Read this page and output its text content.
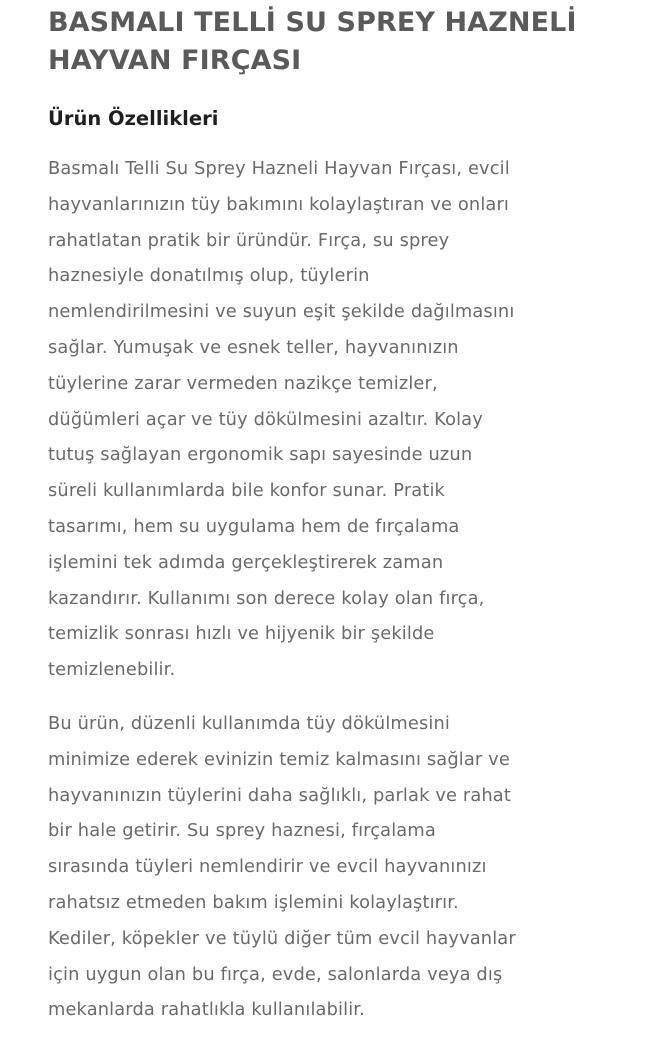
BASMALI TELLİ SU SPREY HAZNELİ
HAYVAN FIRÇASI
Ürün Özellikleri

Basmalı Telli Su Sprey Hazneli Hayvan Fırçası, evcil
hayvanlarınızın tüy bakımını kolaylaştıran ve onları
rahatlatan pratik bir üründür. Fırça, su sprey
haznesiyle donatılmış olup, tüylerin
nemlendirilmesini ve suyun eşit şekilde dağılmasını
sağlar. Yumuşak ve esnek teller, hayvanınızın
tüylerine zarar vermeden nazikçe temizler,
düğümleri açar ve tüy dökülmesini azaltır. Kolay
tutuş sağlayan ergonomik sapı sayesinde uzun
süreli kullanımlarda bile konfor sunar. Pratik
tasarımı, hem su uygulama hem de fırçalama
işlemini tek adımda gerçekleştirerek zaman
kazandırır. Kullanımı son derece kolay olan fırça,
temizlik sonrası hızlı ve hijyenik bir şekilde
temizlenebilir.

Bu ürün, düzenli kullanımda tüy dökülmesini
minimize ederek evinizin temiz kalmasını sağlar ve
hayvanınızın tüylerini daha sağlıklı, parlak ve rahat
bir hale getirir. Su sprey haznesi, fırçalama
sırasında tüyleri nemlendirir ve evcil hayvanınızı
rahatsız etmeden bakım işlemini kolaylaştırır.
Kediler, köpekler ve tüylü diğer tüm evcil hayvanlar
için uygun olan bu fırça, evde, salonlarda veya dış
mekanlarda rahatlıkla kullanılabilir.
